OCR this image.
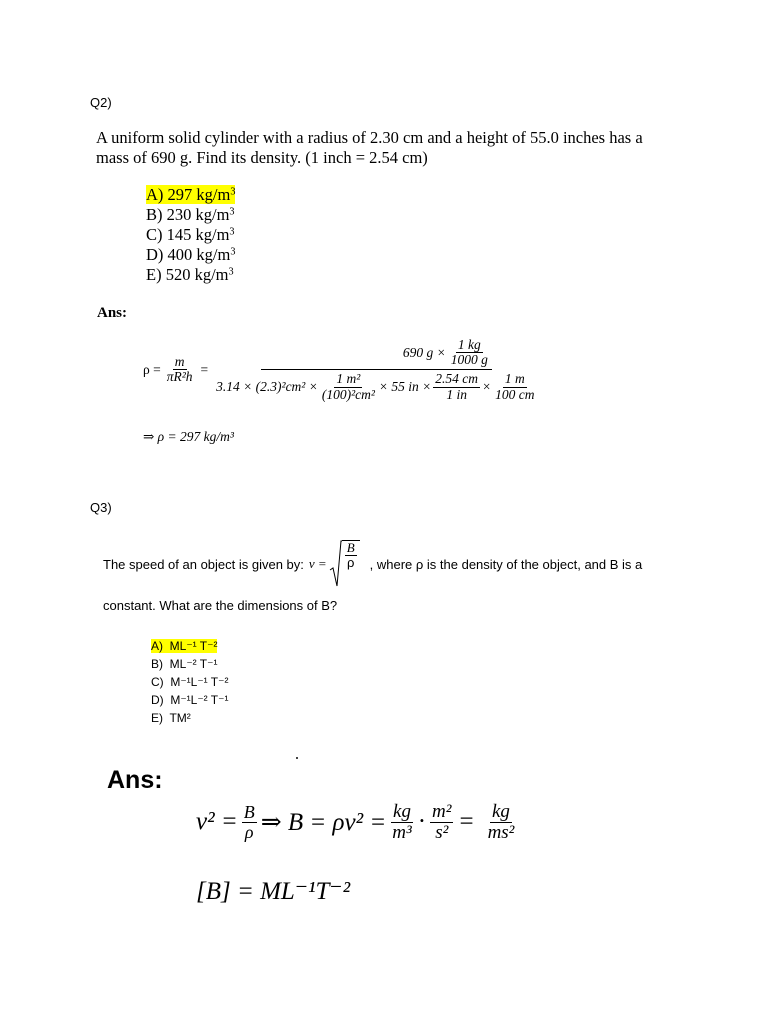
Q2)
A uniform solid cylinder with a radius of 2.30 cm and a height of 55.0 inches has a
mass of 690 g. Find its density. (1 inch = 2.54 cm)
A) 297 $kg/m^3$
B) 230 $kg/m^3$
C) 145 $kg/m^3$
D) 400 $kg/m^3$
E) 520 $kg/m^3$
Ans:
$\rho = \frac{m}{\text{πR²h}}$ =
690 $g \times \frac{1 kg}{1000 g}$
$3.14 \times (2.3)^2cm^2 \times \frac{\text{1 m²}}{\text{(100)²cm²}} \times 55$ in × $\frac{2.54 cm}{1 in} \times \frac{1 m}{100 cm}$
⇒ ρ = 297 kg/m³
Q3)
The speed of an object is given by: $v = \frac{B}{\rho}$ , where ρ is the density of the object, and B is a
constant. What are the dimensions of B?
A) ML⁻¹ T⁻²
B) ML⁻² T⁻¹
C) M⁻¹L⁻¹ T⁻²
D) M⁻¹L⁻² T⁻¹
E) TM²
Ans:
$v^2 = \frac{B}{\rho}$ ⇒ $B = \rho v^2 = \frac{kg}{\text{m³}} \cdot \frac{\text{m²}}{\text{s²}} = \frac{kg}{\text{ms²}}$
[B] = ML⁻¹T⁻²
